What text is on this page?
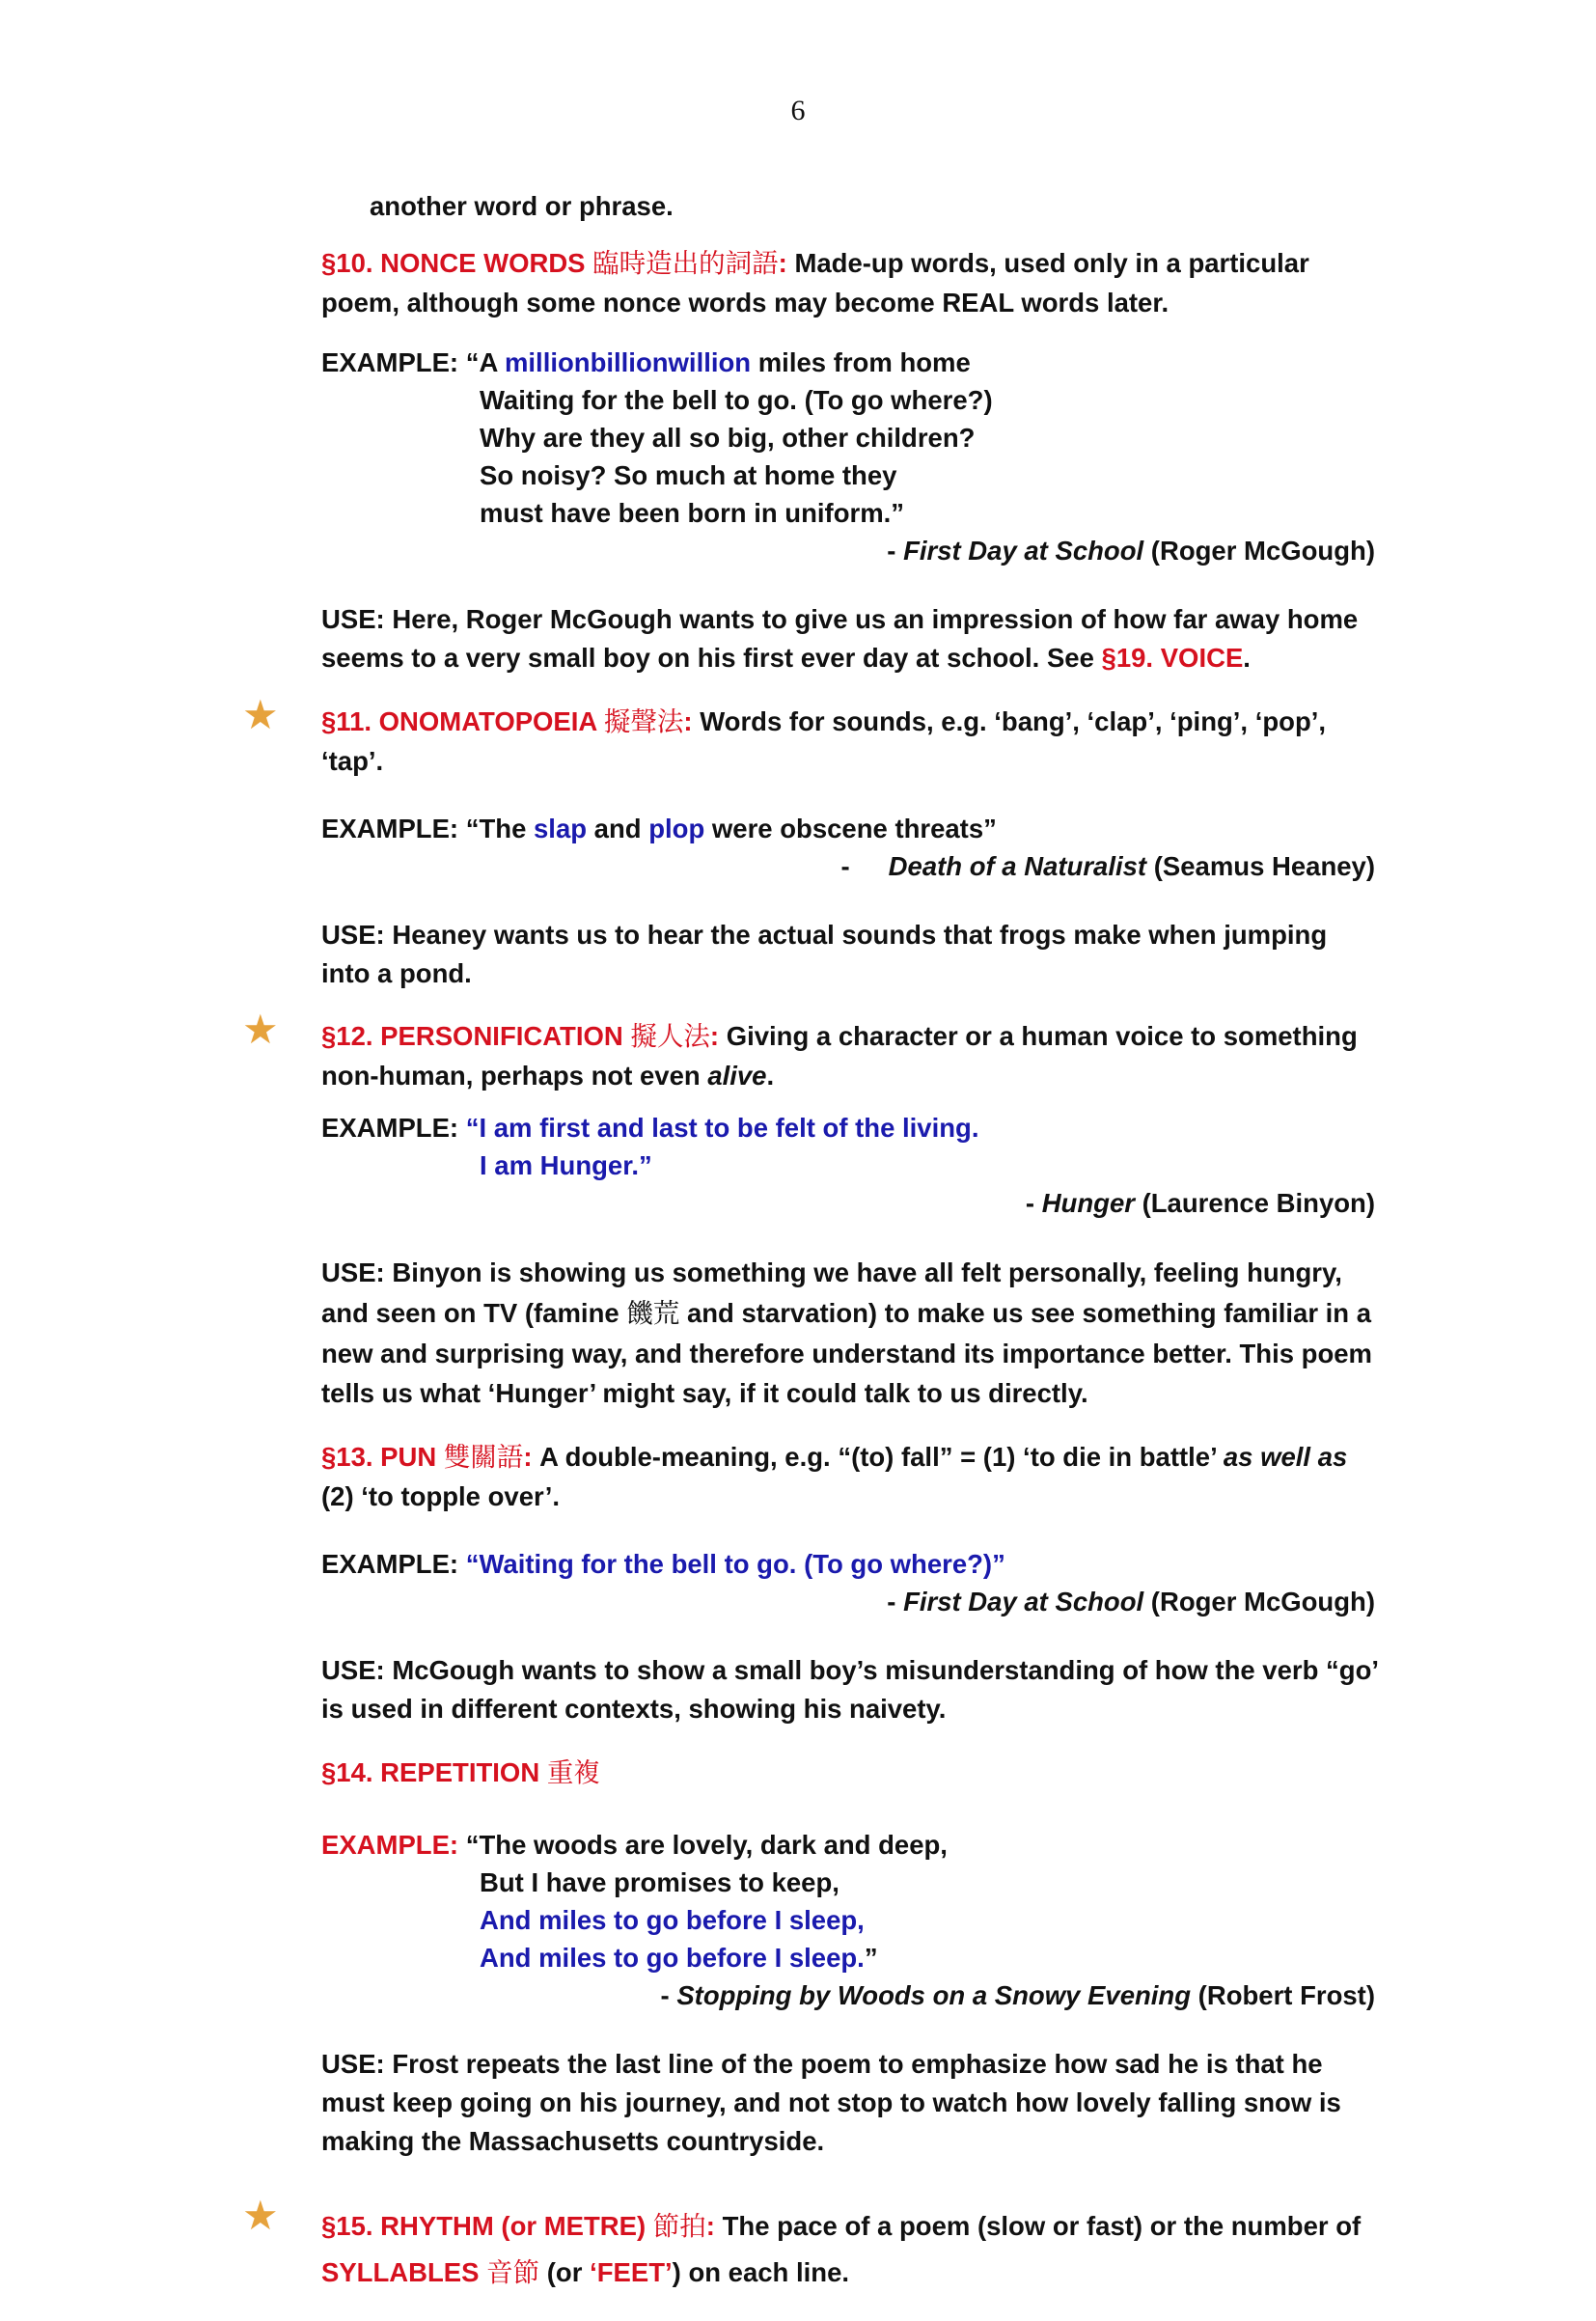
6
another word or phrase.
§10. NONCE WORDS 臨時造出的詞語: Made-up words, used only in a particular poem, although some nonce words may become REAL words later.
EXAMPLE: “A millionbillionwillion miles from home
Waiting for the bell to go. (To go where?)
Why are they all so big, other children?
So noisy? So much at home they
must have been born in uniform.”
- First Day at School (Roger McGough)
USE: Here, Roger McGough wants to give us an impression of how far away home seems to a very small boy on his first ever day at school. See §19. VOICE.
★ §11. ONOMATOPOEIA 擬聲法: Words for sounds, e.g. ‘bang’, ‘clap’, ‘ping’, ‘pop’, ‘tap’.
EXAMPLE: “The slap and plop were obscene threats”
- Death of a Naturalist (Seamus Heaney)
USE: Heaney wants us to hear the actual sounds that frogs make when jumping into a pond.
★ §12. PERSONIFICATION 擬人法: Giving a character or a human voice to something non-human, perhaps not even alive.
EXAMPLE: “I am first and last to be felt of the living.
I am Hunger.”
- Hunger (Laurence Binyon)
USE: Binyon is showing us something we have all felt personally, feeling hungry, and seen on TV (famine 饑荒 and starvation) to make us see something familiar in a new and surprising way, and therefore understand its importance better. This poem tells us what ‘Hunger’ might say, if it could talk to us directly.
§13. PUN 雙關語: A double-meaning, e.g. “(to) fall” = (1) ‘to die in battle’ as well as (2) ‘to topple over’.
EXAMPLE: “Waiting for the bell to go. (To go where?)”
- First Day at School (Roger McGough)
USE: McGough wants to show a small boy’s misunderstanding of how the verb “go’ is used in different contexts, showing his naivety.
§14. REPETITION 重複
EXAMPLE: “The woods are lovely, dark and deep,
But I have promises to keep,
And miles to go before I sleep,
And miles to go before I sleep.”
- Stopping by Woods on a Snowy Evening (Robert Frost)
USE: Frost repeats the last line of the poem to emphasize how sad he is that he must keep going on his journey, and not stop to watch how lovely falling snow is making the Massachusetts countryside.
★ §15. RHYTHM (or METRE) 節拍: The pace of a poem (slow or fast) or the number of SYLLABLES 音節 (or ‘FEET’) on each line.
